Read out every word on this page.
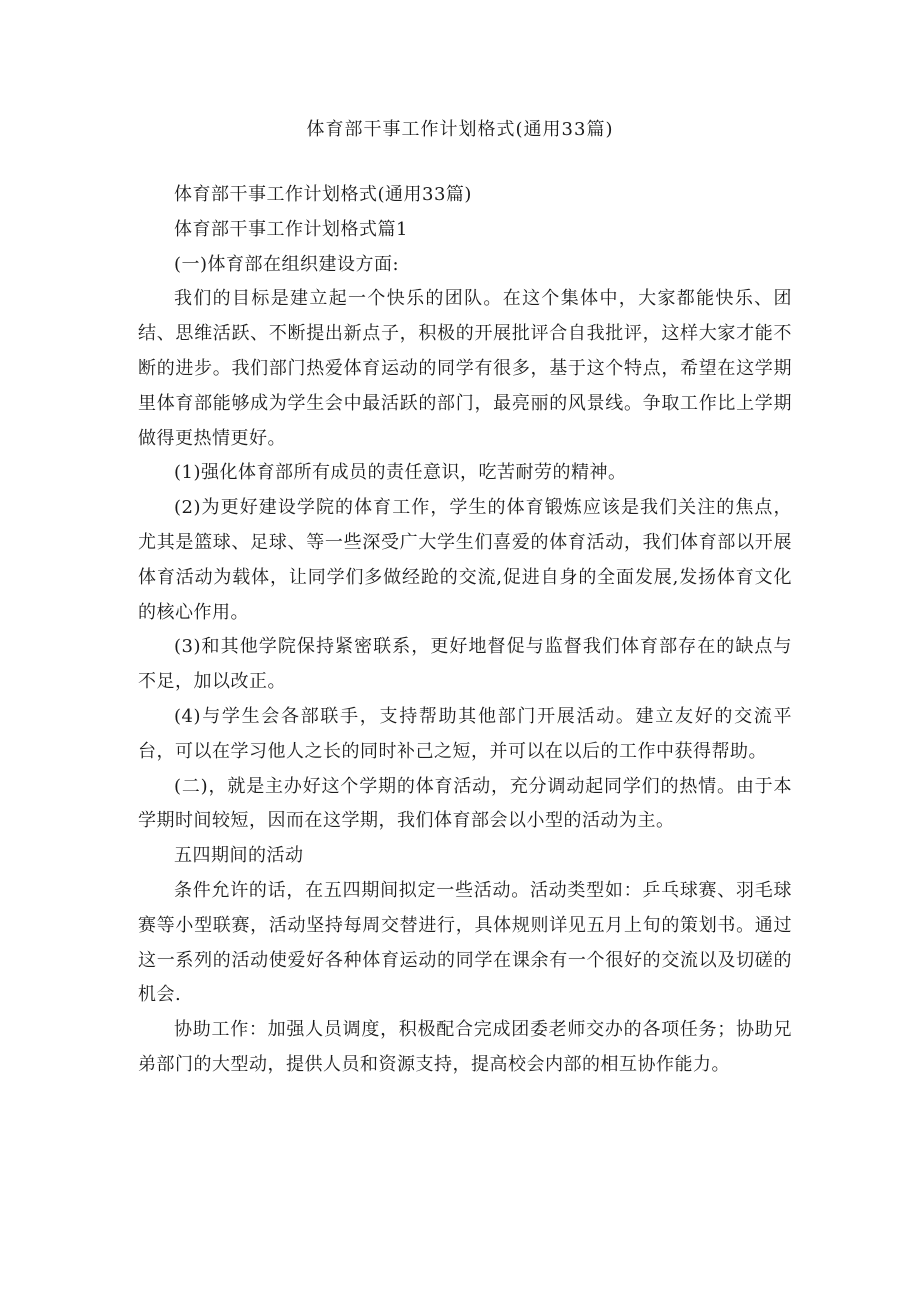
体育部干事工作计划格式(通用33篇)

体育部干事工作计划格式(通用33篇)

体育部干事工作计划格式篇1

(一)体育部在组织建设方面:

我们的目标是建立起一个快乐的团队。在这个集体中，大家都能快乐、团结、思维活跃、不断提出新点子，积极的开展批评合自我批评，这样大家才能不断的进步。我们部门热爱体育运动的同学有很多，基于这个特点，希望在这学期里体育部能够成为学生会中最活跃的部门，最亮丽的风景线。争取工作比上学期做得更热情更好。

(1)强化体育部所有成员的责任意识，吃苦耐劳的精神。

(2)为更好建设学院的体育工作，学生的体育锻炼应该是我们关注的焦点，尤其是篮球、足球、等一些深受广大学生们喜爱的体育活动，我们体育部以开展体育活动为载体，让同学们多做经跄的交流,促进自身的全面发展,发扬体育文化的核心作用。

(3)和其他学院保持紧密联系，更好地督促与监督我们体育部存在的缺点与不足，加以改正。

(4)与学生会各部联手，支持帮助其他部门开展活动。建立友好的交流平台，可以在学习他人之长的同时补己之短，并可以在以后的工作中获得帮助。

(二)，就是主办好这个学期的体育活动，充分调动起同学们的热情。由于本学期时间较短，因而在这学期，我们体育部会以小型的活动为主。

五四期间的活动

条件允许的话，在五四期间拟定一些活动。活动类型如：乒乓球赛、羽毛球赛等小型联赛，活动坚持每周交替进行，具体规则详见五月上旬的策划书。通过这一系列的活动使爱好各种体育运动的同学在课余有一个很好的交流以及切磋的机会.

协助工作：加强人员调度，积极配合完成团委老师交办的各项任务；协助兄弟部门的大型动，提供人员和资源支持，提高校会内部的相互协作能力。
